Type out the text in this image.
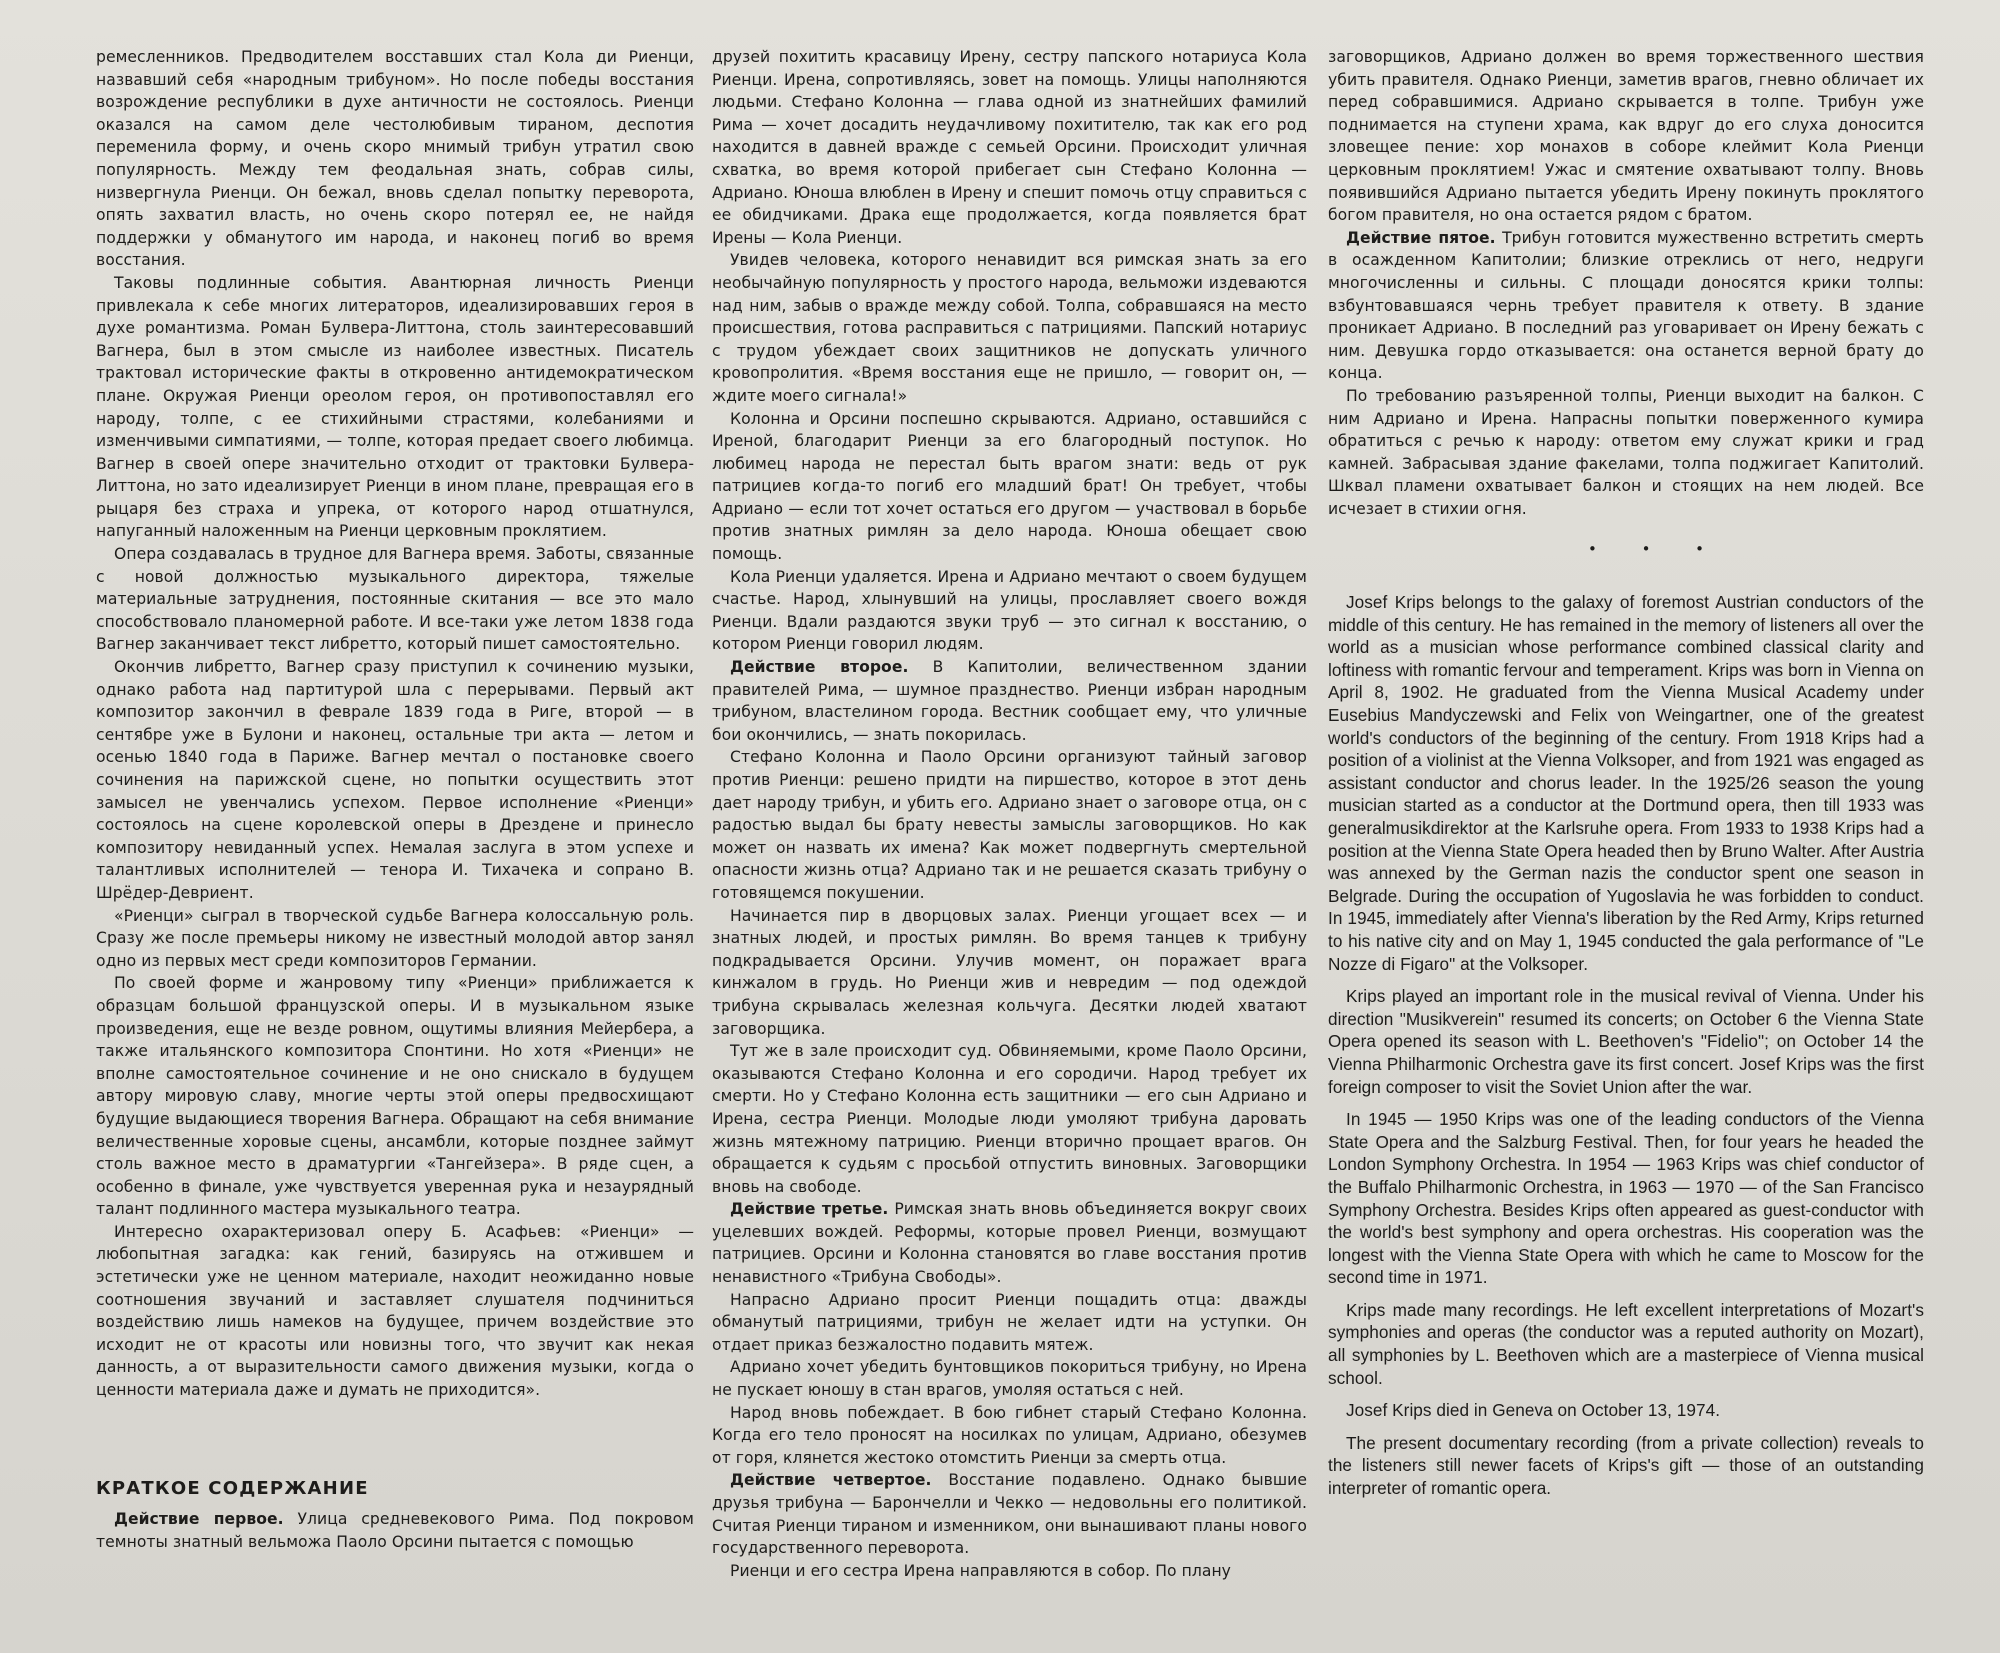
ремесленников. Предводителем восставших стал Кола ди Риенци, назвавший себя «народным трибуном». Но после победы восстания возрождение республики в духе античности не состоялось. Риенци оказался на самом деле честолюбивым тираном, деспотия переменила форму, и очень скоро мнимый трибун утратил свою популярность. Между тем феодальная знать, собрав силы, низвергнула Риенци. Он бежал, вновь сделал попытку переворота, опять захватил власть, но очень скоро потерял ее, не найдя поддержки у обманутого им народа, и наконец погиб во время восстания.

Таковы подлинные события. Авантюрная личность Риенци привлекала к себе многих литераторов, идеализировавших героя в духе романтизма. Роман Булвера-Литтона, столь заинтересовавший Вагнера, был в этом смысле из наиболее известных. Писатель трактовал исторические факты в откровенно антидемократическом плане. Окружая Риенци ореолом героя, он противопоставлял его народу, толпе, с ее стихийными страстями, колебаниями и изменчивыми симпатиями, — толпе, которая предает своего любимца. Вагнер в своей опере значительно отходит от трактовки Булвера-Литтона, но зато идеализирует Риенци в ином плане, превращая его в рыцаря без страха и упрека, от которого народ отшатнулся, напуганный наложенным на Риенци церковным проклятием.

Опера создавалась в трудное для Вагнера время. Заботы, связанные с новой должностью музыкального директора, тяжелые материальные затруднения, постоянные скитания — все это мало способствовало планомерной работе. И все-таки уже летом 1838 года Вагнер заканчивает текст либретто, который пишет самостоятельно.

Окончив либретто, Вагнер сразу приступил к сочинению музыки, однако работа над партитурой шла с перерывами. Первый акт композитор закончил в феврале 1839 года в Риге, второй — в сентябре уже в Булони и наконец, остальные три акта — летом и осенью 1840 года в Париже. Вагнер мечтал о постановке своего сочинения на парижской сцене, но попытки осуществить этот замысел не увенчались успехом. Первое исполнение «Риенци» состоялось на сцене королевской оперы в Дрездене и принесло композитору невиданный успех. Немалая заслуга в этом успехе и талантливых исполнителей — тенора И. Тихачека и сопрано В. Шрёдер-Девриент.

«Риенци» сыграл в творческой судьбе Вагнера колоссальную роль. Сразу же после премьеры никому не известный молодой автор занял одно из первых мест среди композиторов Германии.

По своей форме и жанровому типу «Риенци» приближается к образцам большой французской оперы. И в музыкальном языке произведения, еще не везде ровном, ощутимы влияния Мейербера, а также итальянского композитора Спонтини. Но хотя «Риенци» не вполне самостоятельное сочинение и не оно снискало в будущем автору мировую славу, многие черты этой оперы предвосхищают будущие выдающиеся творения Вагнера. Обращают на себя внимание величественные хоровые сцены, ансамбли, которые позднее займут столь важное место в драматургии «Тангейзера». В ряде сцен, а особенно в финале, уже чувствуется уверенная рука и незаурядный талант подлинного мастера музыкального театра.

Интересно охарактеризовал оперу Б. Асафьев: «Риенци» — любопытная загадка: как гений, базируясь на отжившем и эстетически уже не ценном материале, находит неожиданно новые соотношения звучаний и заставляет слушателя подчиниться воздействию лишь намеков на будущее, причем воздействие это исходит не от красоты или новизны того, что звучит как некая данность, а от выразительности самого движения музыки, когда о ценности материала даже и думать не приходится».

КРАТКОЕ СОДЕРЖАНИЕ

Действие первое. Улица средневекового Рима. Под покровом темноты знатный вельможа Паоло Орсини пытается с помощью

друзей похитить красавицу Ирену, сестру папского нотариуса Кола Риенци. Ирена, сопротивляясь, зовет на помощь. Улицы наполняются людьми. Стефано Колонна — глава одной из знатнейших фамилий Рима — хочет досадить неудачливому похитителю, так как его род находится в давней вражде с семьей Орсини. Происходит уличная схватка, во время которой прибегает сын Стефано Колонна — Адриано. Юноша влюблен в Ирену и спешит помочь отцу справиться с ее обидчиками. Драка еще продолжается, когда появляется брат Ирены — Кола Риенци.

Увидев человека, которого ненавидит вся римская знать за его необычайную популярность у простого народа, вельможи издеваются над ним, забыв о вражде между собой. Толпа, собравшаяся на место происшествия, готова расправиться с патрициями. Папский нотариус с трудом убеждает своих защитников не допускать уличного кровопролития. «Время восстания еще не пришло, — говорит он, — ждите моего сигнала!»

Колонна и Орсини поспешно скрываются. Адриано, оставшийся с Иреной, благодарит Риенци за его благородный поступок. Но любимец народа не перестал быть врагом знати: ведь от рук патрициев когда-то погиб его младший брат! Он требует, чтобы Адриано — если тот хочет остаться его другом — участвовал в борьбе против знатных римлян за дело народа. Юноша обещает свою помощь.

Кола Риенци удаляется. Ирена и Адриано мечтают о своем будущем счастье. Народ, хлынувший на улицы, прославляет своего вождя Риенци. Вдали раздаются звуки труб — это сигнал к восстанию, о котором Риенци говорил людям.

Действие второе. В Капитолии, величественном здании правителей Рима, — шумное празднество. Риенци избран народным трибуном, властелином города. Вестник сообщает ему, что уличные бои окончились, — знать покорилась.

Стефано Колонна и Паоло Орсини организуют тайный заговор против Риенци: решено придти на пиршество, которое в этот день дает народу трибун, и убить его. Адриано знает о заговоре отца, он с радостью выдал бы брату невесты замыслы заговорщиков. Но как может он назвать их имена? Как может подвергнуть смертельной опасности жизнь отца? Адриано так и не решается сказать трибуну о готовящемся покушении.

Начинается пир в дворцовых залах. Риенци угощает всех — и знатных людей, и простых римлян. Во время танцев к трибуну подкрадывается Орсини. Улучив момент, он поражает врага кинжалом в грудь. Но Риенци жив и невредим — под одеждой трибуна скрывалась железная кольчуга. Десятки людей хватают заговорщика.

Тут же в зале происходит суд. Обвиняемыми, кроме Паоло Орсини, оказываются Стефано Колонна и его сородичи. Народ требует их смерти. Но у Стефано Колонна есть защитники — его сын Адриано и Ирена, сестра Риенци. Молодые люди умоляют трибуна даровать жизнь мятежному патрицию. Риенци вторично прощает врагов. Он обращается к судьям с просьбой отпустить виновных. Заговорщики вновь на свободе.

Действие третье. Римская знать вновь объединяется вокруг своих уцелевших вождей. Реформы, которые провел Риенци, возмущают патрициев. Орсини и Колонна становятся во главе восстания против ненавистного «Трибуна Свободы».

Напрасно Адриано просит Риенци пощадить отца: дважды обманутый патрициями, трибун не желает идти на уступки. Он отдает приказ безжалостно подавить мятеж.

Адриано хочет убедить бунтовщиков покориться трибуну, но Ирена не пускает юношу в стан врагов, умоляя остаться с ней.

Народ вновь побеждает. В бою гибнет старый Стефано Колонна. Когда его тело проносят на носилках по улицам, Адриано, обезумев от горя, клянется жестоко отомстить Риенци за смерть отца.

Действие четвертое. Восстание подавлено. Однако бывшие друзья трибуна — Барончелли и Чекко — недовольны его политикой. Считая Риенци тираном и изменником, они вынашивают планы нового государственного переворота.

Риенци и его сестра Ирена направляются в собор. По плану

заговорщиков, Адриано должен во время торжественного шествия убить правителя. Однако Риенци, заметив врагов, гневно обличает их перед собравшимися. Адриано скрывается в толпе. Трибун уже поднимается на ступени храма, как вдруг до его слуха доносится зловещее пение: хор монахов в соборе клеймит Кола Риенци церковным проклятием! Ужас и смятение охватывают толпу. Вновь появившийся Адриано пытается убедить Ирену покинуть проклятого богом правителя, но она остается рядом с братом.

Действие пятое. Трибун готовится мужественно встретить смерть в осажденном Капитолии; близкие отреклись от него, недруги многочисленны и сильны. С площади доносятся крики толпы: взбунтовавшаяся чернь требует правителя к ответу. В здание проникает Адриано. В последний раз уговаривает он Ирену бежать с ним. Девушка гордо отказывается: она останется верной брату до конца.

По требованию разъяренной толпы, Риенци выходит на балкон. С ним Адриано и Ирена. Напрасны попытки поверженного кумира обратиться с речью к народу: ответом ему служат крики и град камней. Забрасывая здание факелами, толпа поджигает Капитолий. Шквал пламени охватывает балкон и стоящих на нем людей. Все исчезает в стихии огня.

• • •

Josef Krips belongs to the galaxy of foremost Austrian conductors of the middle of this century. He has remained in the memory of listeners all over the world as a musician whose performance combined classical clarity and loftiness with romantic fervour and temperament. Krips was born in Vienna on April 8, 1902. He graduated from the Vienna Musical Academy under Eusebius Mandyczewski and Felix von Weingartner, one of the greatest world's conductors of the beginning of the century. From 1918 Krips had a position of a violinist at the Vienna Volksoper, and from 1921 was engaged as assistant conductor and chorus leader. In the 1925/26 season the young musician started as a conductor at the Dortmund opera, then till 1933 was generalmusikdirektor at the Karlsruhe opera. From 1933 to 1938 Krips had a position at the Vienna State Opera headed then by Bruno Walter. After Austria was annexed by the German nazis the conductor spent one season in Belgrade. During the occupation of Yugoslavia he was forbidden to conduct. In 1945, immediately after Vienna's liberation by the Red Army, Krips returned to his native city and on May 1, 1945 conducted the gala performance of "Le Nozze di Figaro" at the Volksoper.

Krips played an important role in the musical revival of Vienna. Under his direction "Musikverein" resumed its concerts; on October 6 the Vienna State Opera opened its season with L. Beethoven's "Fidelio"; on October 14 the Vienna Philharmonic Orchestra gave its first concert. Josef Krips was the first foreign composer to visit the Soviet Union after the war.

In 1945 — 1950 Krips was one of the leading conductors of the Vienna State Opera and the Salzburg Festival. Then, for four years he headed the London Symphony Orchestra. In 1954 — 1963 Krips was chief conductor of the Buffalo Philharmonic Orchestra, in 1963 — 1970 — of the San Francisco Symphony Orchestra. Besides Krips often appeared as guest-conductor with the world's best symphony and opera orchestras. His cooperation was the longest with the Vienna State Opera with which he came to Moscow for the second time in 1971.

Krips made many recordings. He left excellent interpretations of Mozart's symphonies and operas (the conductor was a reputed authority on Mozart), all symphonies by L. Beethoven which are a masterpiece of Vienna musical school.

Josef Krips died in Geneva on October 13, 1974.

The present documentary recording (from a private collection) reveals to the listeners still newer facets of Krips's gift — those of an outstanding interpreter of romantic opera.
